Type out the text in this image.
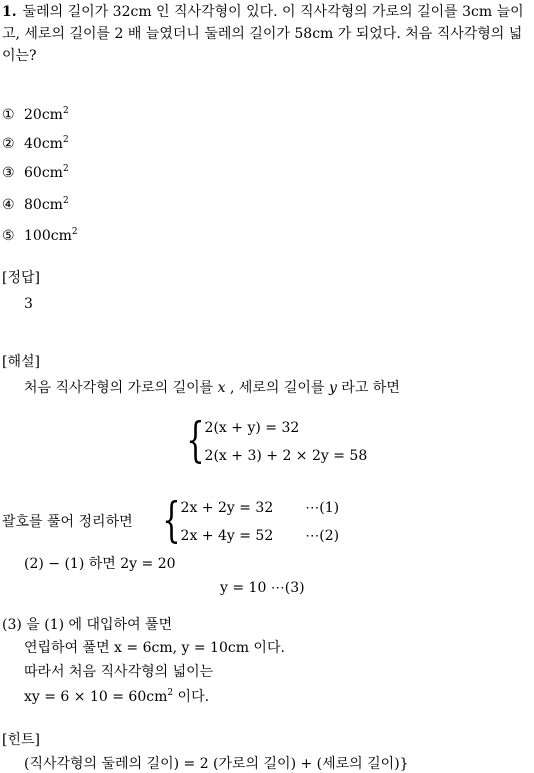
1. 둘레의 길이가 32cm 인 직사각형이 있다. 이 직사각형의 가로의 길이를 3cm 늘이고, 세로의 길이를 2 배 늘였더니 둘레의 길이가 58cm 가 되었다. 처음 직사각형의 넓이는?
① $20cm^2$
② $40cm^2$
③ $60cm^2$
④ $80cm^2$
⑤ $100cm^2$
[정답]
3
[해설]
처음 직사각형의 가로의 길이를 x , 세로의 길이를 y 라고 하면
{ 2(x + y) = 32
2(x + 3) + 2 × 2y = 58
괄호를 풀어 정리하면 { 2x + 2y = 32 ⋯(1)
2x + 4y = 52 ⋯(2)
(2) − (1) 하면 2y = 20
y = 10 ⋯(3)
(3) 을 (1) 에 대입하여 풀면
연립하여 풀면 x = 6cm, y = 10cm 이다.
따라서 처음 직사각형의 넓이는
xy = $6 \times 10 = 60cm^2$ 이다.
[힌트]
(직사각형의 둘레의 길이) = 2 (가로의 길이) + (세로의 길이)}
